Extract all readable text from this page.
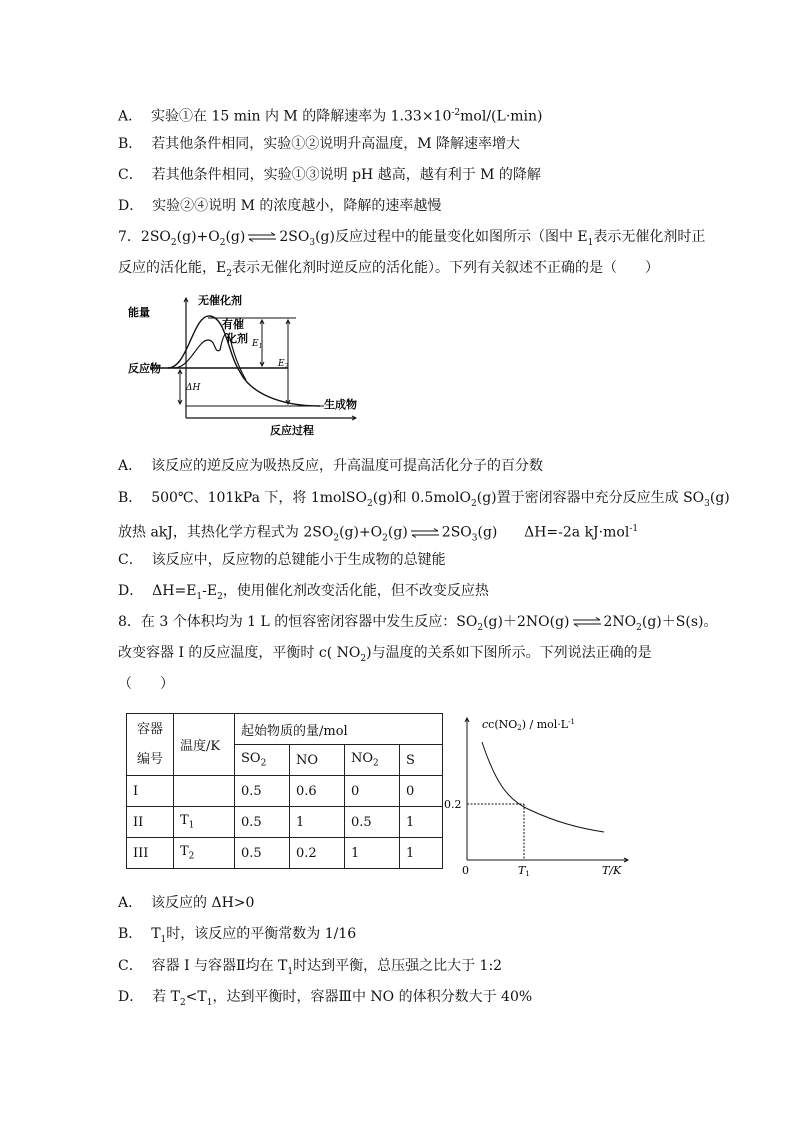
A． 实验①在 15 min 内 M 的降解速率为 $1.33\times 10^{-2}mol/(L\cdot\min)$
B． 若其他条件相同，实验①②说明升高温度，M 降解速率增大
C． 若其他条件相同，实验①③说明 pH 越高，越有利于 M 的降解
D． 实验②④说明 M 的浓度越小，降解的速率越慢
7．$2SO_2(g)+O_2(g)$ ⇌ $2SO_3(g)$反应过程中的能量变化如图所示（图中 $E_1$表示无催化剂时正
反应的活化能，$E_2$表示无催化剂时逆反应的活化能）。下列有关叙述不正确的是（　　）
能量
反应物
生成物
反应过程
无催化剂
有催
化剂 $E_1$
$E_2$
ΔH
A． 该反应的逆反应为吸热反应，升高温度可提高活化分子的百分数
B． 500℃、101kPa 下，将 1molSO$_2$(g)和 0.5molO$_2$(g)置于密闭容器中充分反应生成 $SO_3(g)$
放热 akJ，其热化学方程式为 $2SO_2(g)+O_2(g)$ ⇌ $2SO_3(g)$ ΔH=-2a kJ·mol$^{-1}$
C． 该反应中，反应物的总键能小于生成物的总键能
D． $\Delta H=E_1-E_2$，使用催化剂改变活化能，但不改变反应热
8．在 3 个体积均为 1 L 的恒容密闭容器中发生反应：$SO_2(g)+2NO(g)$ ⇌ $2NO_2(g)+S(s)$。
改变容器 I 的反应温度，平衡时 c( $NO_2$)与温度的关系如下图所示。下列说法正确的是
（　　）
容器
编号	温度/K	起始物质的量/mol			
		$SO_2$	NO	$NO_2$	S
I		0.5	0.6	0	0
II	$T_1$	0.5	1	0.5	1
III	$T_2$	0.5	0.2	1	1
$cc(NO2) / mol\cdot L^{-1}$
0.2
0	T1	T/K
A． 该反应的 ΔH>0
B． $T_1$时，该反应的平衡常数为 1/16
C． 容器 I 与容器Ⅱ均在 $T_1$时达到平衡，总压强之比大于 1:2
D． 若 $T_2<T_1$，达到平衡时，容器Ⅲ中 NO 的体积分数大于 40%
